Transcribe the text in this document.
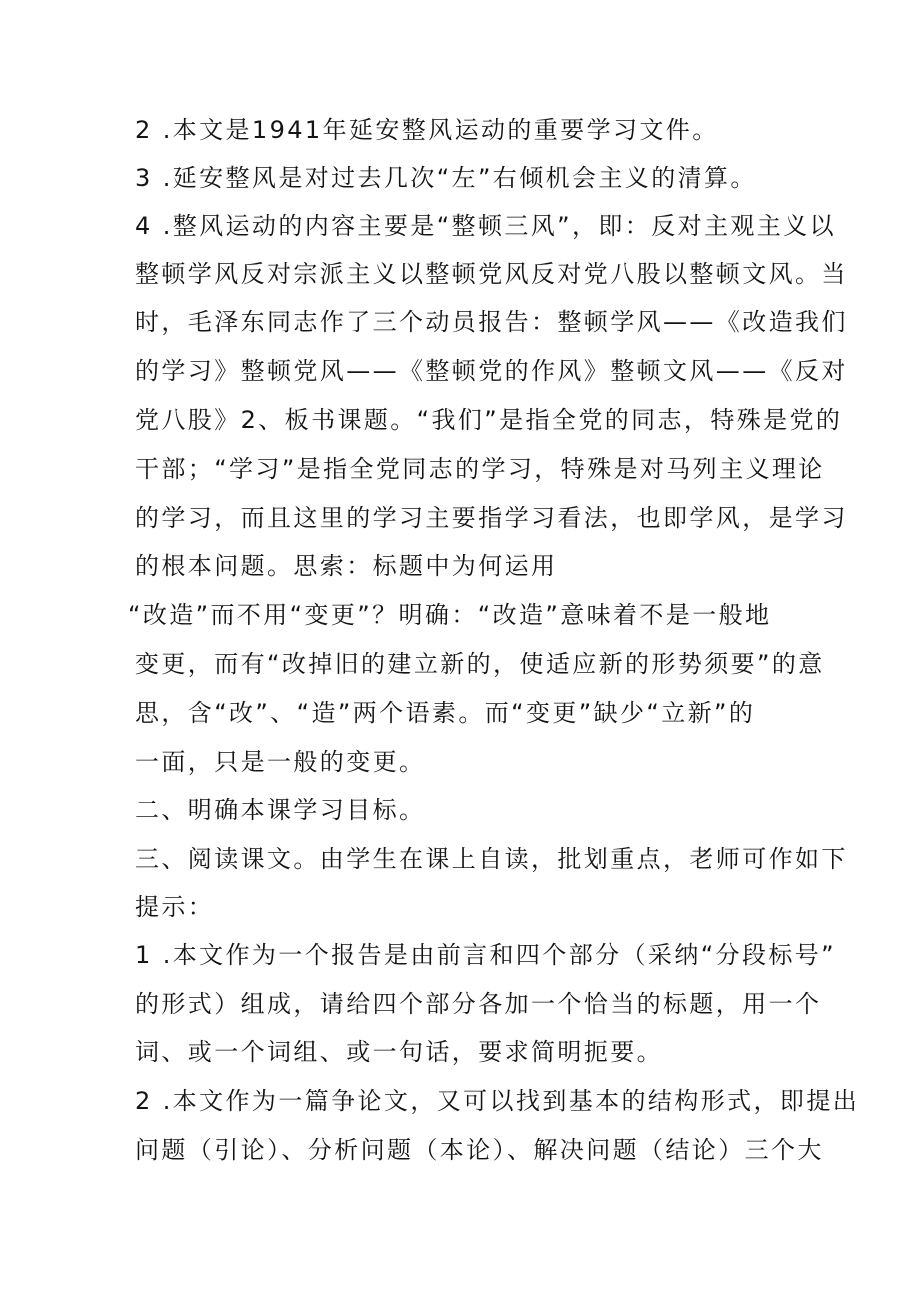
2 .本文是1941年延安整风运动的重要学习文件。
3 .延安整风是对过去几次“左”右倾机会主义的清算。
4 .整风运动的内容主要是“整顿三风”，即：反对主观主义以
整顿学风反对宗派主义以整顿党风反对党八股以整顿文风。当
时，毛泽东同志作了三个动员报告：整顿学风——《改造我们
的学习》整顿党风——《整顿党的作风》整顿文风——《反对
党八股》2、板书课题。“我们”是指全党的同志，特殊是党的
干部；“学习”是指全党同志的学习，特殊是对马列主义理论
的学习，而且这里的学习主要指学习看法，也即学风，是学习
的根本问题。思索：标题中为何运用
“改造”而不用“变更”？明确：“改造”意味着不是一般地
变更，而有“改掉旧的建立新的，使适应新的形势须要”的意
思，含“改”、“造”两个语素。而“变更”缺少“立新”的
一面，只是一般的变更。
二、明确本课学习目标。
三、阅读课文。由学生在课上自读，批划重点，老师可作如下
提示：
1 .本文作为一个报告是由前言和四个部分（采纳“分段标号”
的形式）组成，请给四个部分各加一个恰当的标题，用一个
词、或一个词组、或一句话，要求简明扼要。
2 .本文作为一篇争论文，又可以找到基本的结构形式，即提出
问题（引论）、分析问题（本论）、解决问题（结论）三个大
